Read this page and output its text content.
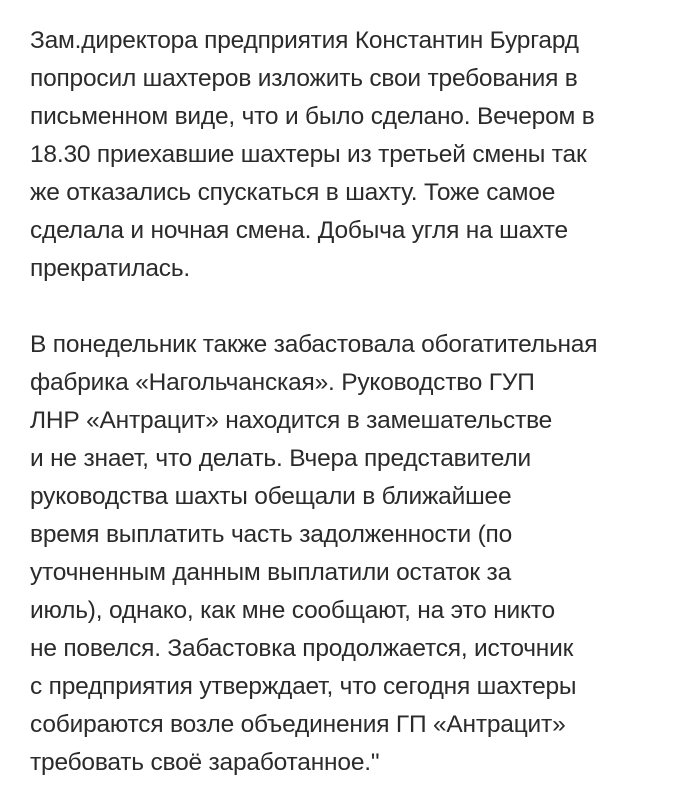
Зам.директора предприятия Константин Бургард
попросил шахтеров изложить свои требования в
письменном виде, что и было сделано. Вечером в
18.30 приехавшие шахтеры из третьей смены так
же отказались спускаться в шахту. Тоже самое
сделала и ночная смена. Добыча угля на шахте
прекратилась.

В понедельник также забастовала обогатительная
фабрика «Нагольчанская». Руководство ГУП
ЛНР «Антрацит» находится в замешательстве
и не знает, что делать. Вчера представители
руководства шахты обещали в ближайшее
время выплатить часть задолженности (по
уточненным данным выплатили остаток за
июль), однако, как мне сообщают, на это никто
не повелся. Забастовка продолжается, источник
с предприятия утверждает, что сегодня шахтеры
собираются возле объединения ГП «Антрацит»
требовать своё заработанное."
